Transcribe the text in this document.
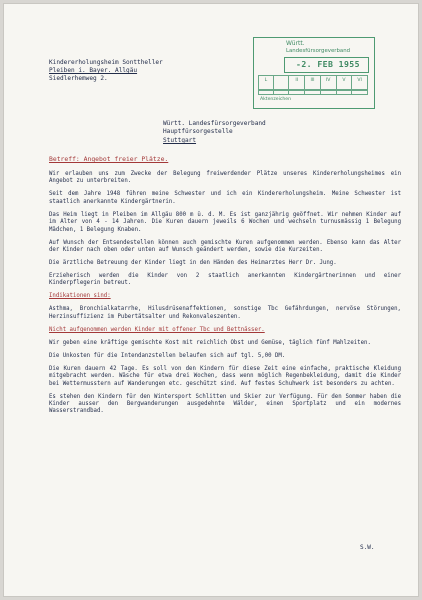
Kindererholungsheim Sonttheller
Pleiben i. Bayer. Allgäu
Siedlerhemweg 2.
Württ.
Landesfürsorgeverband
-2. FEB 1955
L	II	III	IV	V	VI
Aktenzeichen
Württ. Landesfürsorgeverband
Hauptfürsorgestelle
Stuttgart
Betreff: Angebot freier Plätze.

Wir erlauben uns zum Zwecke der Belegung freiwerdender Plätze unseres Kindererholungsheimes ein Angebot zu unterbreiten.

Seit dem Jahre 1948 führen meine Schwester und ich ein Kindererholungsheim. Meine Schwester ist staatlich anerkannte Kindergärtnerin.

Das Heim liegt in Pleiben im Allgäu 800 m ü. d. M. Es ist ganzjährig geöffnet. Wir nehmen Kinder auf im Alter von 4 - 14 Jahren. Die Kuren dauern jeweils 6 Wochen und wechseln turnusmässig 1 Belegung Mädchen, 1 Belegung Knaben.

Auf Wunsch der Entsendestellen können auch gemischte Kuren aufgenommen werden. Ebenso kann das Alter der Kinder nach oben oder unten auf Wunsch geändert werden, sowie die Kurzeiten.

Die ärztliche Betreuung der Kinder liegt in den Händen des Heimarztes Herr Dr. Jung.

Erzieherisch werden die Kinder von 2 staatlich anerkannten Kindergärtnerinnen und einer Kinderpflegerin betreut.

Indikationen sind:

Asthma, Bronchialkatarrhe, Hilusdrüsenaffektionen, sonstige Tbc Gefährdungen, nervöse Störungen, Herzinsuffizienz im Pubertätsalter und Rekonvaleszenten.

Nicht aufgenommen werden Kinder mit offener Tbc und Bettnässer.

Wir geben eine kräftige gemischte Kost mit reichlich Obst und Gemüse, täglich fünf Mahlzeiten.

Die Unkosten für die Intendanzstellen belaufen sich auf tgl. 5,00 DM.

Die Kuren dauern 42 Tage. Es soll von den Kindern für diese Zeit eine einfache, praktische Kleidung mitgebracht werden. Wäsche für etwa drei Wochen, dass wenn möglich Regenbekleidung, damit die Kinder bei Wettermusstern auf Wanderungen etc. geschützt sind. Auf festes Schuhwerk ist besonders zu achten.

Es stehen den Kindern für den Wintersport Schlitten und Skier zur Verfügung. Für den Sommer haben die Kinder ausser den Bergwanderungen ausgedehnte Wälder, einen Sportplatz und ein modernes Wasserstrandbad.

S.W.
